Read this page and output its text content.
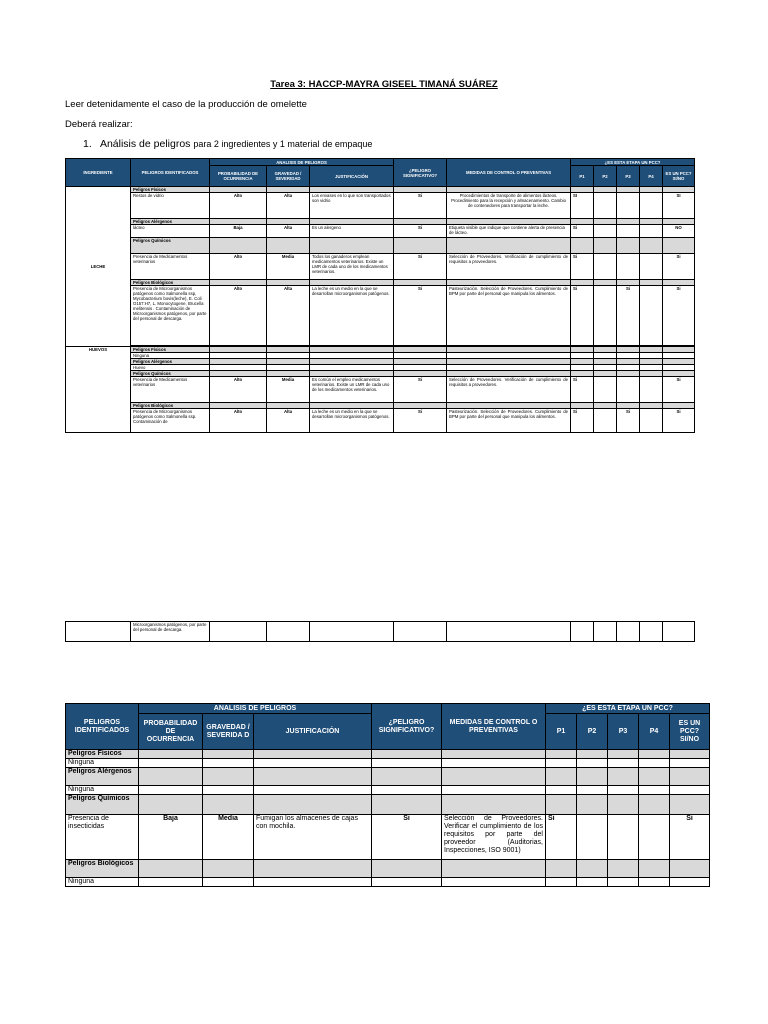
Tarea 3: HACCP-MAYRA GISEEL TIMANÁ SUÁREZ
Leer detenidamente el caso de la producción de omelette
Deberá realizar:
1. Análisis de peligros para 2 ingredientes y 1 material de empaque
INGREDIENTE	PELIGROS IDENTIFICADOS	ANALISIS DE PELIGROS			¿PELIGRO SIGNIFICATIVO?	MEDIDAS DE CONTROL O PREVENTIVAS	¿ES ESTA ETAPA UN PCC?				
		PROBABILIDAD DE OCURRENCIA	GRAVEDAD / SEVERIDAD	JUSTIFICACIÓN			P1	P2	P3	P4	ES UN PCC? SI/NO
LECHE	Peligros Físicos										
	Restos de vidrio	Alto	Alta	Los envases en lo que son transportados son vidrio	Si	Procedimientos de transporte de alimentos lácteos. Procedimiento para la recepción y almacenamiento. Cambio de contenedores para transportar la leche.	SI				SI
	Peligros Alérgenos										
	lácteo	Baja	Alta	Es un alergeno	Si	Etiqueta visible que indique que contiene alerta de presencia de lácteo.	Si				NO
	Peligros Químicos										
	Presencia de Medicamentos veterinarios	Alto	Media	Todos los ganaderos emplean medicamentos veterinarios. Existe un LMR de cada uno de los medicamentos veterinarios.	Si	Selección de Proveedores. Verificación de cumplimiento de requisitos a proveedores.	Si				Si
	Peligros Biológicos										
	Presencia de Microorganismos patógenos como Salmonella ssp, Mycobacterium bovis(leche), E. Coli O157:H7, L. Monocytogene, Brucella melitensis . Contaminación de Microorganismos patógenos, por parte del personal de descarga.	Alto	Alta	La leche es un medio en la que se desarrollan microorganismos patógenos.	Si	Pasteurización. Selección de Proveedores. Cumplimiento de BPM por parte del personal que manipula los alimentos.	Si		Si		Si

HUEVOS	Peligros Físicos										
	Ninguna										
	Peligros Alérgenos										
	Huevo										
	Peligros Químicos										
	Presencia de Medicamentos veterinarios	Alto	Media	Es común el empleo medicamentos veterinarios. Existe un LMR de cada uno de los medicamentos veterinarios.	Si	Selección de Proveedores. Verificación de cumplimiento de requisitos a proveedores.	Si				Si
	Peligros Biológicos										
	Presencia de Microorganismos patógenos como Salmonella ssp. Contaminación de	Alto	Alta	La leche es un medio en la que se desarrollan microorganismos patógenos.	Si	Pasteurización. Selección de Proveedores. Cumplimiento de BPM por parte del personal que manipula los alimentos.	Si		Si		Si
	Microorganismos patógenos, por parte del personal de descarga.										
PELIGROS IDENTIFICADOS	ANALISIS DE PELIGROS			¿PELIGRO SIGNIFICATIVO?	MEDIDAS DE CONTROL O PREVENTIVAS	¿ES ESTA ETAPA UN PCC?				
	PROBABILIDAD DE OCURRENCIA	GRAVEDAD / SEVERIDA D	JUSTIFICACIÓN			P1	P2	P3	P4	ES UN PCC? SI/NO
Peligros Físicos										
Ninguna										
Peligros Alérgenos										
Ninguna										
Peligros Químicos										
Presencia de insecticidas	Baja	Media	Fumigan los almacenes de cajas con mochila.	Si	Selección de Proveedores. Verificar el cumplimiento de los requisitos por parte del proveedor (Auditorias, Inspecciones, ISO 9001)	Si				Si
Peligros Biológicos										
Ninguna										
